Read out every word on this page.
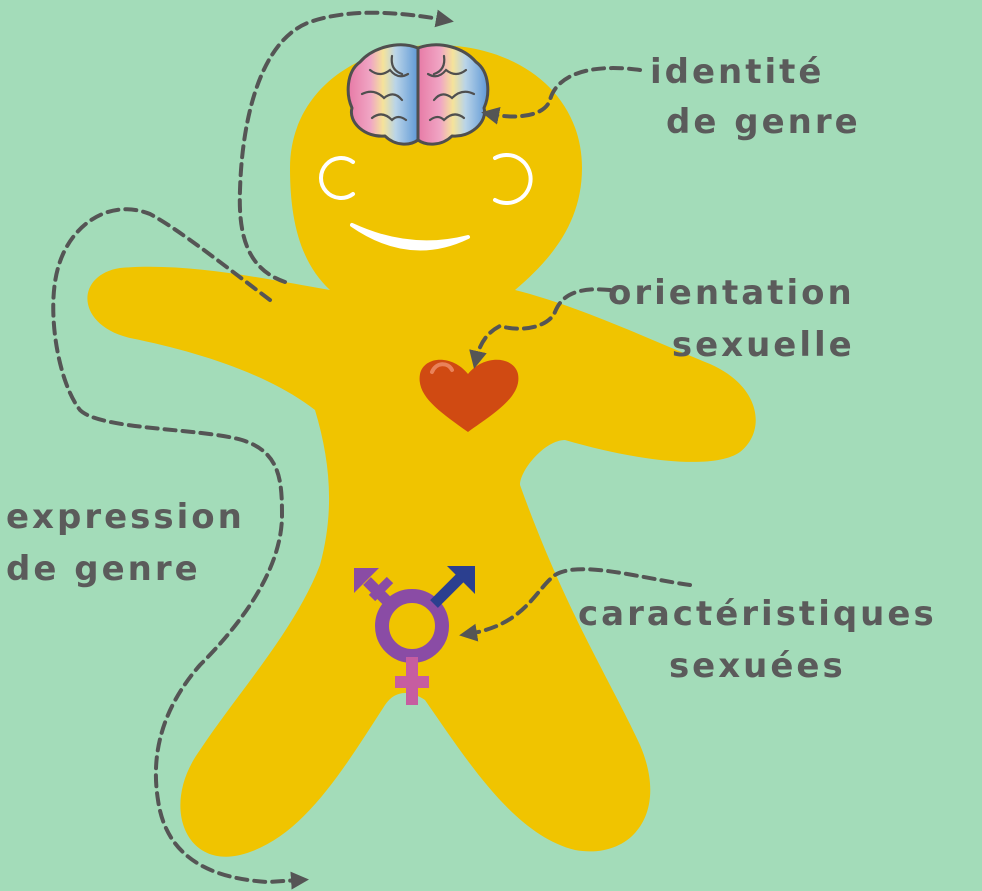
identité
de genre
orientation
sexuelle
expression
de genre
caractéristiques
sexuées
